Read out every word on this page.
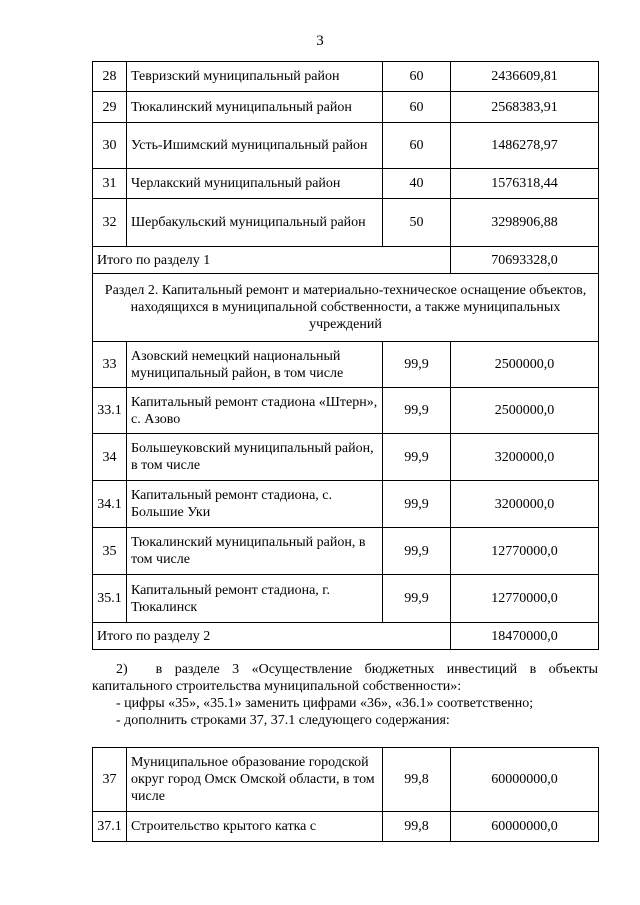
3
28	Тевризский муниципальный район	60	2436609,81
29	Тюкалинский муниципальный район	60	2568383,91
30	Усть-Ишимский муниципальный район	60	1486278,97
31	Черлакский муниципальный район	40	1576318,44
32	Шербакульский муниципальный район	50	3298906,88
Итого по разделу 1			70693328,0
Раздел 2. Капитальный ремонт и материально-техническое оснащение объектов, находящихся в муниципальной собственности, а также муниципальных учреждений			
33	Азовский немецкий национальный муниципальный район, в том числе	99,9	2500000,0
33.1	Капитальный ремонт стадиона «Штерн», с. Азово	99,9	2500000,0
34	Большеуковский муниципальный район, в том числе	99,9	3200000,0
34.1	Капитальный ремонт стадиона, с. Большие Уки	99,9	3200000,0
35	Тюкалинский муниципальный район, в том числе	99,9	12770000,0
35.1	Капитальный ремонт стадиона, г. Тюкалинск	99,9	12770000,0
Итого по разделу 2			18470000,0

2)  в разделе 3 «Осуществление бюджетных инвестиций в объекты капитального строительства муниципальной собственности»:

- цифры «35», «35.1» заменить цифрами «36», «36.1» соответственно;

- дополнить строками 37, 37.1 следующего содержания:

37	Муниципальное образование городской округ город Омск Омской области, в том числе	99,8	60000000,0
37.1	Строительство крытого катка с	99,8	60000000,0
